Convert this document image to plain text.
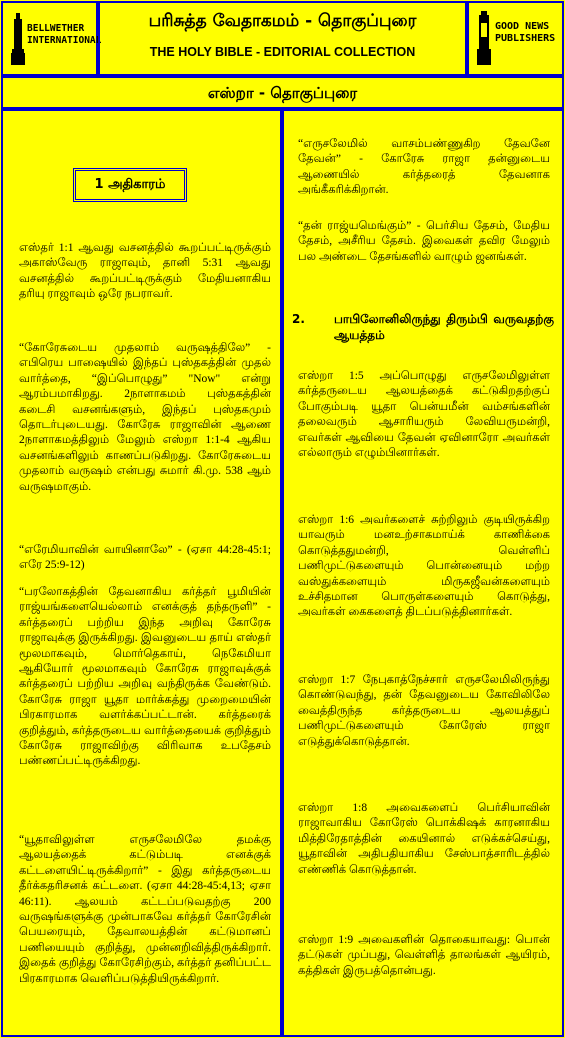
BELLWETHER
INTERNATIONAL
பரிசுத்த வேதாகமம் - தொகுப்புரை
THE HOLY BIBLE - EDITORIAL COLLECTION
GOOD NEWS
PUBLISHERS
எஸ்றா - தொகுப்புரை
1 அதிகாரம்

எஸ்தர் 1:1 ஆவது வசனத்தில் கூறப்பட்டிருக்கும் அகாஸ்வேரு ராஜாவும், தானி 5:31 ஆவது வசனத்தில் கூறப்பட்டிருக்கும் மேதியனாகிய தரியு ராஜாவும் ஒரே நபராவர்.

“கோரேசுடைய முதலாம் வருஷத்திலே” - எபிரெய பாஷையில் இந்தப் புஸ்தகத்தின் முதல் வார்த்தை, “இப்பொழுது” "Now" என்று ஆரம்பமாகிறது. 2நாளாகமம் புஸ்தகத்தின் கடைசி வசனங்களும், இந்தப் புஸ்தகமும் தொடர்புடையது. கோரேசு ராஜாவின் ஆணை 2நாளாகமத்திலும் மேலும் எஸ்றா 1:1-4 ஆகிய வசனங்களிலும் காணப்படுகிறது. கோரேசுடைய முதலாம் வருஷம் என்பது சுமார் கி.மு. 538 ஆம் வருஷமாகும்.

“எரேமியாவின் வாயினாலே” - (ஏசா 44:28-45:1; எரே 25:9-12)

“பரலோகத்தின் தேவனாகிய கர்த்தர் பூமியின் ராஜ்யங்களையெல்லாம் எனக்குத் தந்தருளி” - கர்த்தரைப் பற்றிய இந்த அறிவு கோரேசு ராஜாவுக்கு இருக்கிறது. இவனுடைய தாய் எஸ்தர் மூலமாகவும், மொர்தெகாய், நெகேமியா ஆகியோர் மூலமாகவும் கோரேசு ராஜாவுக்குக் கர்த்தரைப் பற்றிய அறிவு வந்திருக்க வேண்டும். கோரேசு ராஜா யூதா மார்க்கத்து முறைமையின் பிரகாரமாக வளர்க்கப்பட்டான். கர்த்தரைக் குறித்தும், கர்த்தருடைய வார்த்தையைக் குறித்தும் கோரேசு ராஜாவிற்கு விரிவாக உபதேசம் பண்ணப்பட்டிருக்கிறது.

“யூதாவிலுள்ள எருசலேமிலே தமக்கு ஆலயத்தைக் கட்டும்படி எனக்குக் கட்டளையிட்டிருக்கிறார்” - இது கர்த்தருடைய தீர்க்கதரிசனக் கட்டளை. (ஏசா 44:28-45:4,13; ஏசா 46:11). ஆலயம் கட்டப்படுவதற்கு 200 வருஷங்களுக்கு முன்பாகவே கர்த்தர் கோரேசின் பெயரையும், தேவாலயத்தின் கட்டுமானப் பணியையும் குறித்து, முன்னறிவித்திருக்கிறார். இதைக் குறித்து கோரேசிற்கும், கர்த்தர் தனிப்பட்ட பிரகாரமாக வெளிப்படுத்தியிருக்கிறார்.

“எருசலேமில் வாசம்பண்ணுகிற தேவனே தேவன்” - கோரேசு ராஜா தன்னுடைய ஆணையில் கர்த்தரைத் தேவனாக அங்கீகரிக்கிறான்.

“தன் ராஜ்யமெங்கும்” - பெர்சிய தேசம், மேதிய தேசம், அசீரிய தேசம். இவைகள் தவிர மேலும் பல அண்டை தேசங்களில் வாழும் ஜனங்கள்.

2. பாபிலோனிலிருந்து திரும்பி வருவதற்கு ஆயத்தம்

எஸ்றா 1:5 அப்பொழுது எருசலேமிலுள்ள கர்த்தருடைய ஆலயத்தைக் கட்டுகிறதற்குப் போகும்படி யூதா பென்யமீன் வம்சங்களின் தலைவரும் ஆசாரியரும் லேவியருமன்றி, எவர்கள் ஆவியை தேவன் ஏவினாரோ அவர்கள் எல்லாரும் எழும்பினார்கள்.

எஸ்றா 1:6 அவர்களைச் சுற்றிலும் குடியிருக்கிற யாவரும் மனஉற்சாகமாய்க் காணிக்கை கொடுத்ததுமன்றி, வெள்ளிப் பணிமுட்டுகளையும் பொன்னையும் மற்ற வஸ்துக்களையும் மிருகஜீவன்களையும் உச்சிதமான பொருள்களையும் கொடுத்து, அவர்கள் கைகளைத் திடப்படுத்தினார்கள்.

எஸ்றா 1:7 நேபுகாத்நேச்சார் எருசலேமிலிருந்து கொண்டுவந்து, தன் தேவனுடைய கோவிலிலே வைத்திருந்த கர்த்தருடைய ஆலயத்துப் பணிமுட்டுகளையும் கோரேஸ் ராஜா எடுத்துக்கொடுத்தான்.

எஸ்றா 1:8 அவைகளைப் பெர்சியாவின் ராஜாவாகிய கோரேஸ் பொக்கிஷக் காரனாகிய மித்திரேதாத்தின் கையினால் எடுக்கச்செய்து, யூதாவின் அதிபதியாகிய சேஸ்பாத்சாரிடத்தில் எண்ணிக் கொடுத்தான்.

எஸ்றா 1:9 அவைகளின் தொகையாவது: பொன் தட்டுகள் முப்பது, வெள்ளித் தாலங்கள் ஆயிரம், கத்திகள் இருபத்தொன்பது.
